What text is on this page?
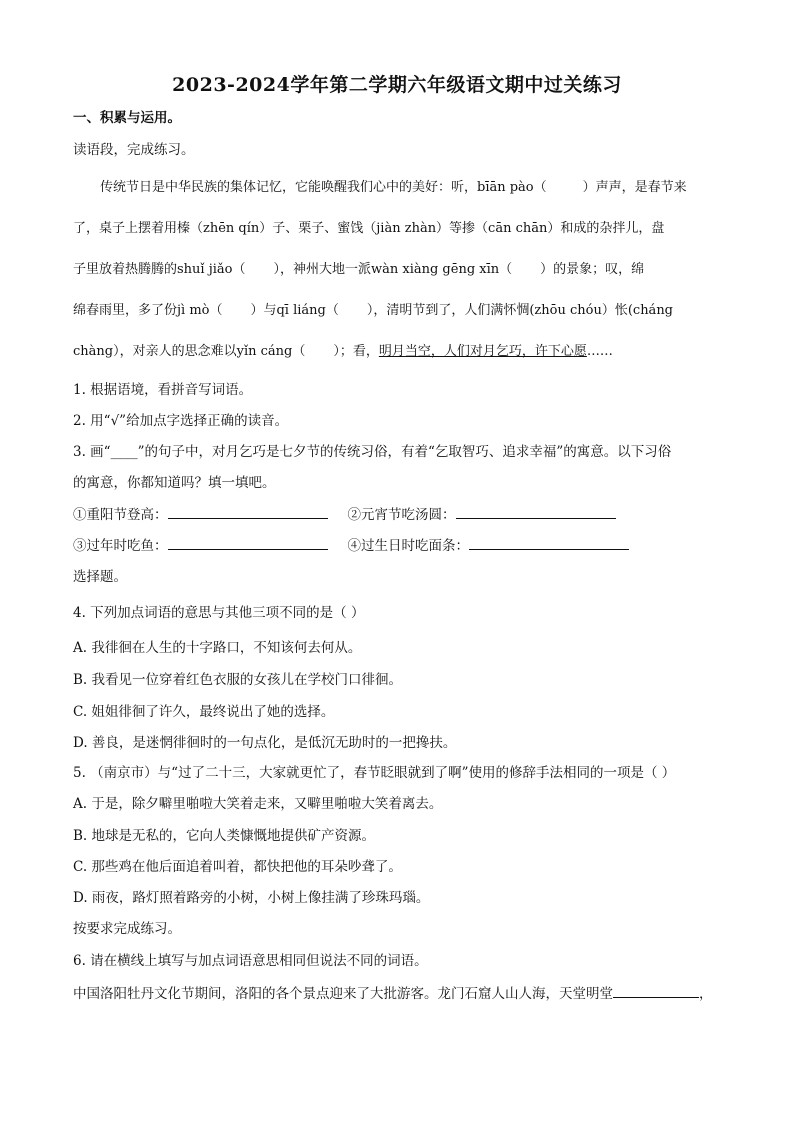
2023-2024学年第二学期六年级语文期中过关练习
一、积累与运用。
读语段，完成练习。
传统节日是中华民族的集体记忆，它能唤醒我们心中的美好：听，bīān pào（	）声声，是春节来
了，桌子上摆着用榛（zhēn qín）子、栗子、蜜饯（jiàn zhàn）等掺（cān chān）和成的杂拌儿，盘
子里放着热腾腾的shuǐ jiǎo（ ），神州大地一派wàn xiàng gēng xīn（ ）的景象；叹，绵
绵春雨里，多了份jì mò（ ）与qī liáng（ ），清明节到了，人们满怀惆(zhōu chóu）怅(cháng
chàng），对亲人的思念难以yǐn cáng（ ）；看，明月当空，人们对月乞巧，许下心愿……
1. 根据语境，看拼音写词语。
2. 用“√”给加点字选择正确的读音。
3. 画“____”的句子中，对月乞巧是七夕节的传统习俗，有着“乞取智巧、追求幸福”的寓意。以下习俗
的寓意，你都知道吗？填一填吧。
①重阳节登高：	②元宵节吃汤圆：
③过年时吃鱼：	④过生日时吃面条：
选择题。
4. 下列加点词语的意思与其他三项不同的是（ ）
A. 我徘徊在人生的十字路口，不知该何去何从。
B. 我看见一位穿着红色衣服的女孩儿在学校门口徘徊。
C. 姐姐徘徊了许久，最终说出了她的选择。
D. 善良，是迷惘徘徊时的一句点化，是低沉无助时的一把搀扶。
5. （南京市）与“过了二十三，大家就更忙了，春节眨眼就到了啊”使用的修辞手法相同的一项是（ ）
A. 于是，除夕噼里啪啦大笑着走来，又噼里啪啦大笑着离去。
B. 地球是无私的，它向人类慷慨地提供矿产资源。
C. 那些鸡在他后面追着叫着，都快把他的耳朵吵聋了。
D. 雨夜，路灯照着路旁的小树，小树上像挂满了珍珠玛瑙。
按要求完成练习。
6. 请在横线上填写与加点词语意思相同但说法不同的词语。
中国洛阳牡丹文化节期间，洛阳的各个景点迎来了大批游客。龙门石窟人山人海，天堂明堂	，
